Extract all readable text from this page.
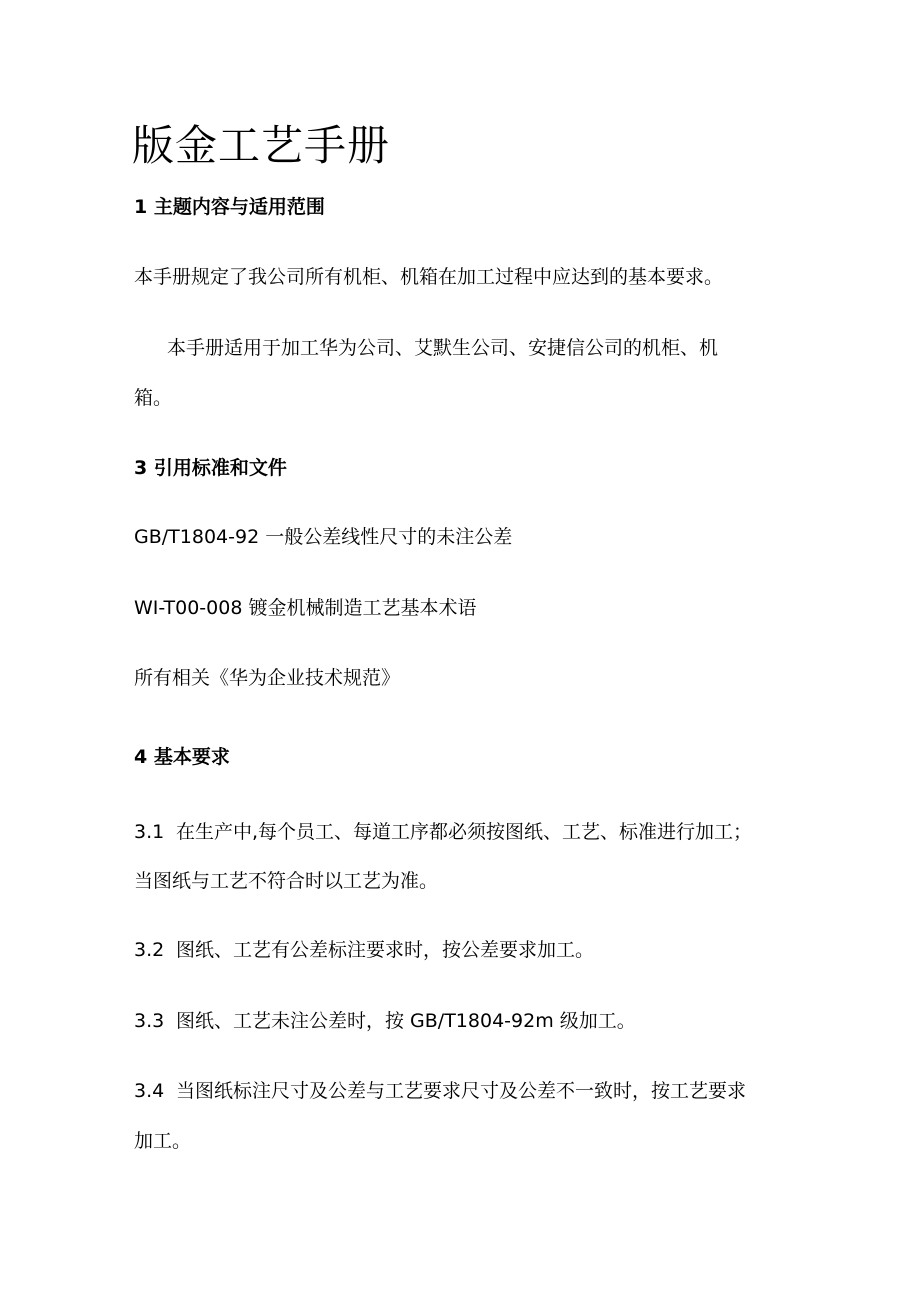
版金工艺手册
1 主题内容与适用范围
本手册规定了我公司所有机柜、机箱在加工过程中应达到的基本要求。
本手册适用于加工华为公司、艾默生公司、安捷信公司的机柜、机
箱。
3 引用标准和文件
GB/T1804-92 一般公差线性尺寸的未注公差
WI-T00-008 镀金机械制造工艺基本术语
所有相关《华为企业技术规范》
4 基本要求
3.1 在生产中,每个员工、每道工序都必须按图纸、工艺、标准进行加工；
当图纸与工艺不符合时以工艺为准。
3.2 图纸、工艺有公差标注要求时，按公差要求加工。
3.3 图纸、工艺未注公差时，按 GB/T1804-92m 级加工。
3.4 当图纸标注尺寸及公差与工艺要求尺寸及公差不一致时，按工艺要求
加工。
